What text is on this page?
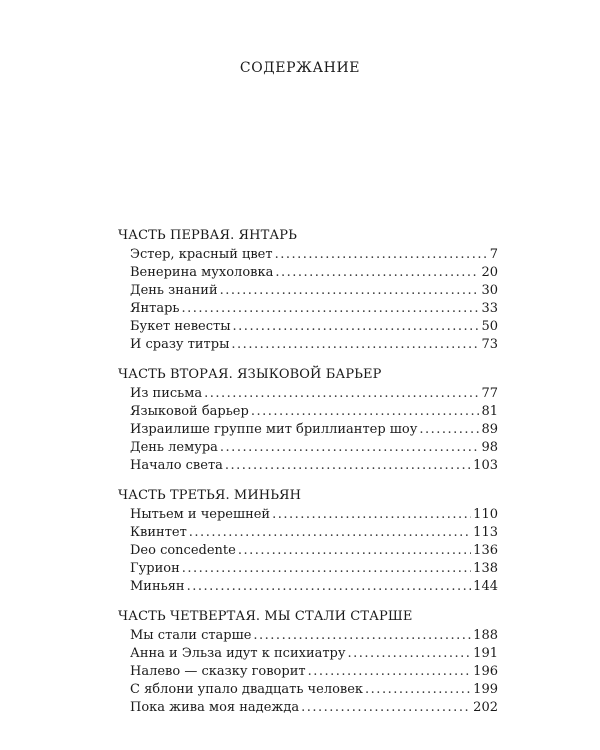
СОДЕРЖАНИЕ
ЧАСТЬ ПЕРВАЯ. ЯНТАРЬ
Эстер, красный цвет .....	7
Венерина мухоловка .....	20
День знаний .....	30
Янтарь .....	33
Букет невесты .....	50
И сразу титры .....	73
ЧАСТЬ ВТОРАЯ. ЯЗЫКОВОЙ БАРЬЕР
Из письма .....	77
Языковой барьер .....	81
Израилише группе мит бриллиантер шоу .....	89
День лемура .....	98
Начало света .....	103
ЧАСТЬ ТРЕТЬЯ. МИНЬЯН
Нытьем и черешней .....	110
Квинтет .....	113
Deo concedente .....	136
Гурион .....	138
Миньян .....	144
ЧАСТЬ ЧЕТВЕРТАЯ. МЫ СТАЛИ СТАРШЕ
Мы стали старше .....	188
Анна и Эльза идут к психиатру .....	191
Налево — сказку говорит .....	196
С яблони упало двадцать человек .....	199
Пока жива моя надежда .....	202
